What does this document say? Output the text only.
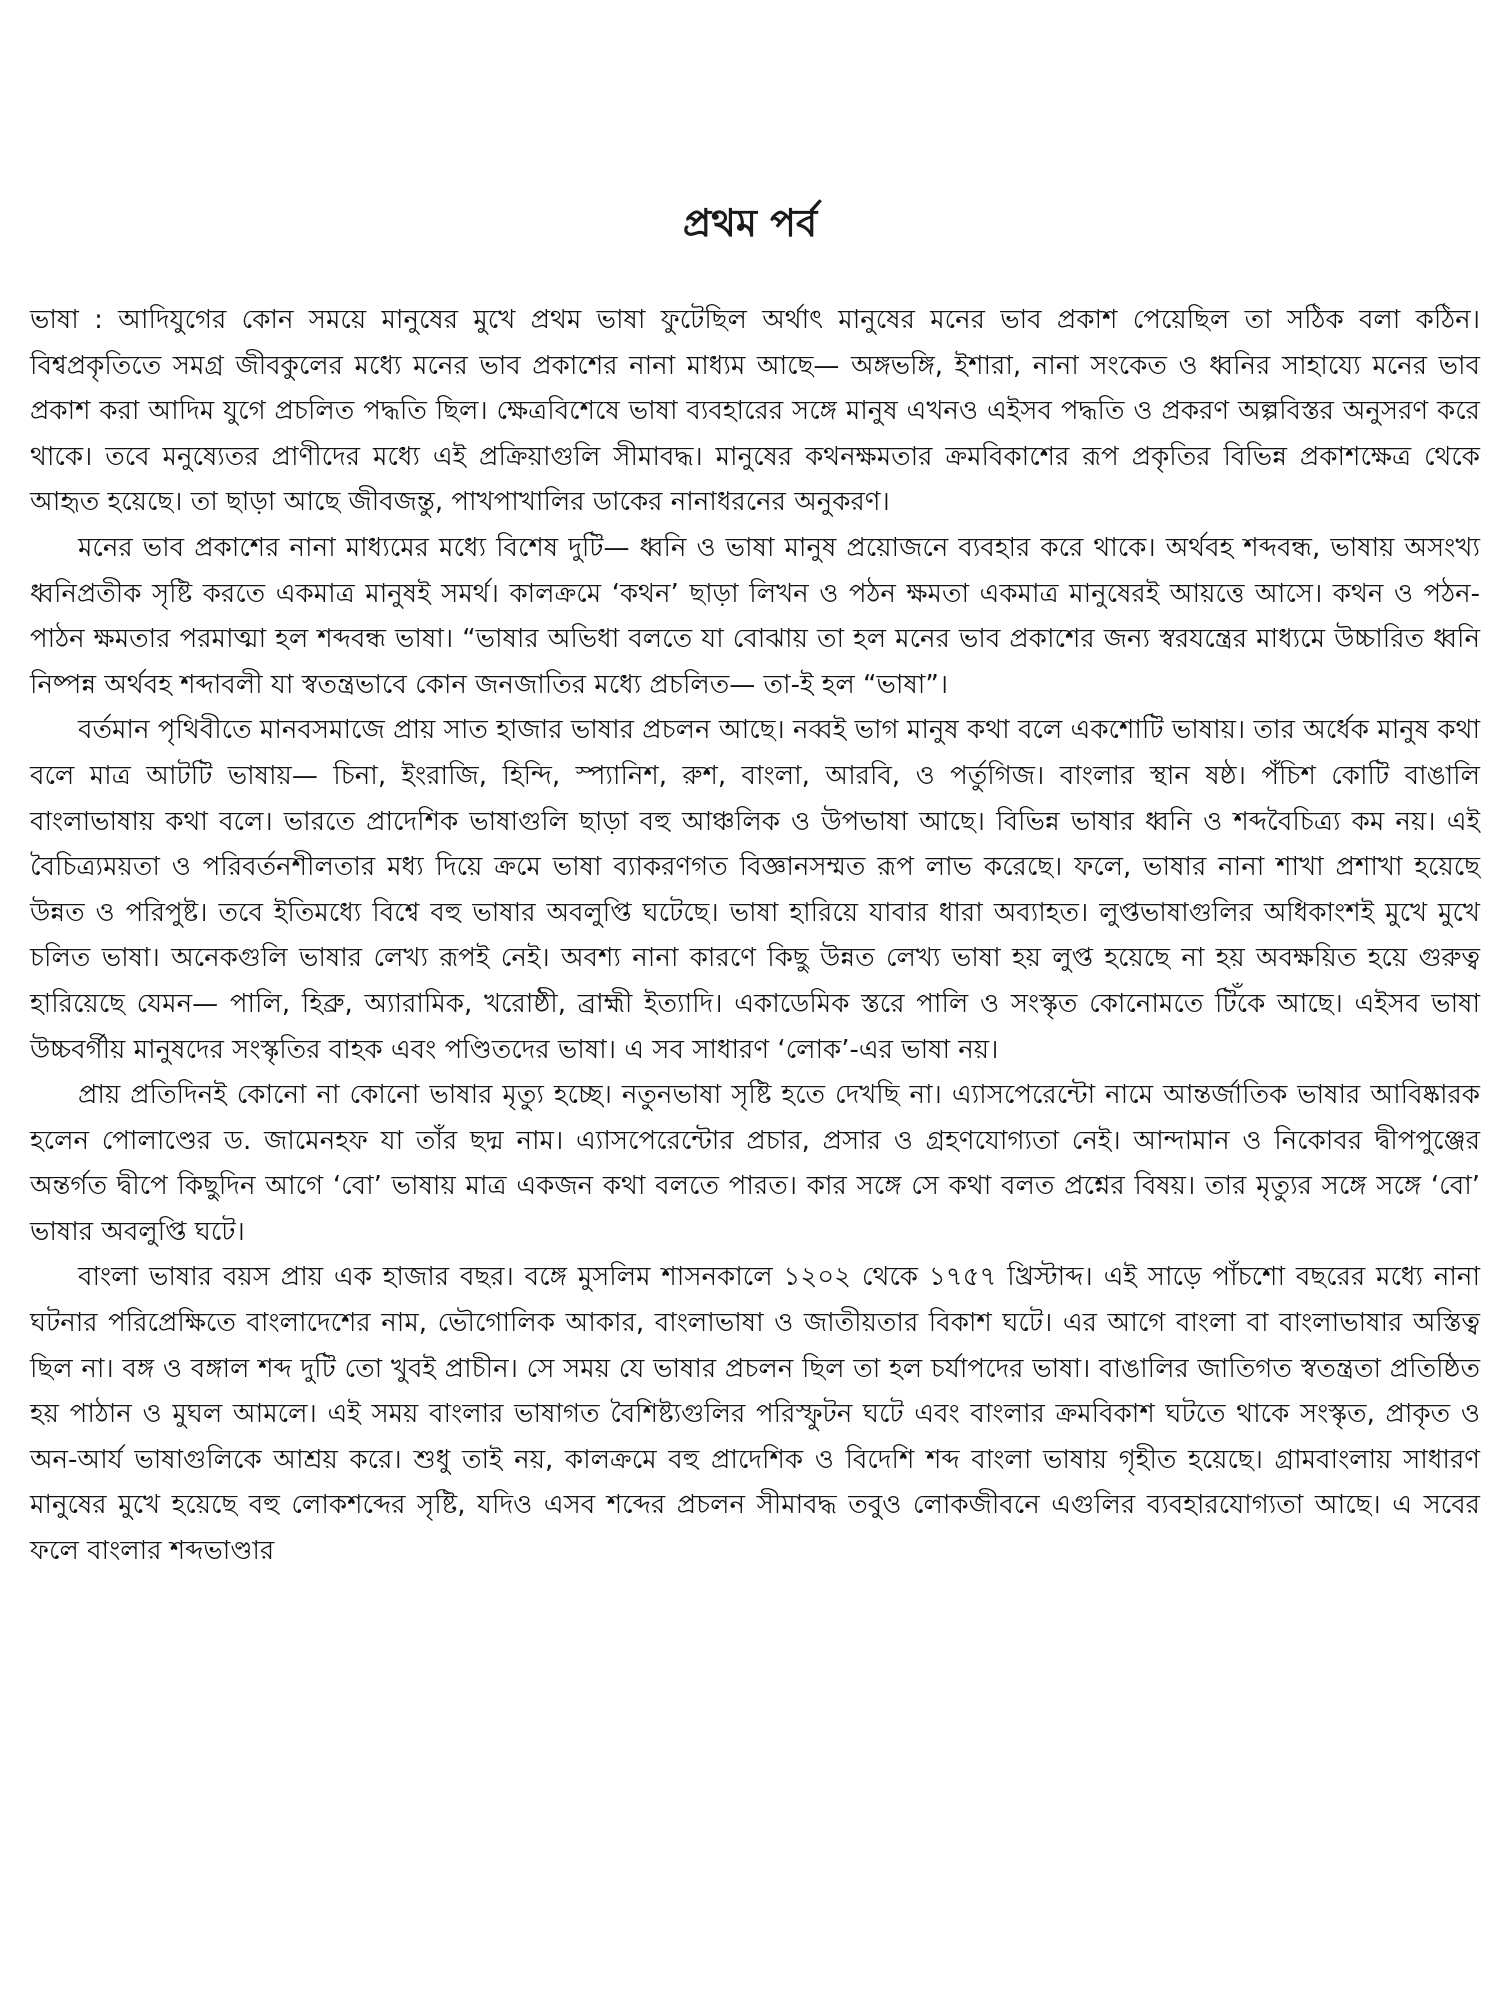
প্রথম পর্ব

ভাষা : আদিযুগের কোন সময়ে মানুষের মুখে প্রথম ভাষা ফুটেছিল অর্থাৎ মানুষের মনের ভাব প্রকাশ পেয়েছিল তা সঠিক বলা কঠিন। বিশ্বপ্রকৃতিতে সমগ্র জীবকুলের মধ্যে মনের ভাব প্রকাশের নানা মাধ্যম আছে— অঙ্গভঙ্গি, ইশারা, নানা সংকেত ও ধ্বনির সাহায্যে মনের ভাব প্রকাশ করা আদিম যুগে প্রচলিত পদ্ধতি ছিল। ক্ষেত্রবিশেষে ভাষা ব্যবহারের সঙ্গে মানুষ এখনও এইসব পদ্ধতি ও প্রকরণ অল্পবিস্তর অনুসরণ করে থাকে। তবে মনুষ্যেতর প্রাণীদের মধ্যে এই প্রক্রিয়াগুলি সীমাবদ্ধ। মানুষের কথনক্ষমতার ক্রমবিকাশের রূপ প্রকৃতির বিভিন্ন প্রকাশক্ষেত্র থেকে আহৃত হয়েছে। তা ছাড়া আছে জীবজন্তু, পাখপাখালির ডাকের নানাধরনের অনুকরণ।

মনের ভাব প্রকাশের নানা মাধ্যমের মধ্যে বিশেষ দুটি— ধ্বনি ও ভাষা মানুষ প্রয়োজনে ব্যবহার করে থাকে। অর্থবহ শব্দবন্ধ, ভাষায় অসংখ্য ধ্বনিপ্রতীক সৃষ্টি করতে একমাত্র মানুষই সমর্থ। কালক্রমে ‘কথন’ ছাড়া লিখন ও পঠন ক্ষমতা একমাত্র মানুষেরই আয়ত্তে আসে। কথন ও পঠন-পাঠন ক্ষমতার পরমাত্মা হল শব্দবন্ধ ভাষা। “ভাষার অভিধা বলতে যা বোঝায় তা হল মনের ভাব প্রকাশের জন্য স্বরযন্ত্রের মাধ্যমে উচ্চারিত ধ্বনি নিষ্পন্ন অর্থবহ শব্দাবলী যা স্বতন্ত্রভাবে কোন জনজাতির মধ্যে প্রচলিত— তা-ই হল “ভাষা”।

বর্তমান পৃথিবীতে মানবসমাজে প্রায় সাত হাজার ভাষার প্রচলন আছে। নব্বই ভাগ মানুষ কথা বলে একশোটি ভাষায়। তার অর্ধেক মানুষ কথা বলে মাত্র আটটি ভাষায়— চিনা, ইংরাজি, হিন্দি, স্প্যানিশ, রুশ, বাংলা, আরবি, ও পর্তুগিজ। বাংলার স্থান ষষ্ঠ। পঁচিশ কোটি বাঙালি বাংলাভাষায় কথা বলে। ভারতে প্রাদেশিক ভাষাগুলি ছাড়া বহু আঞ্চলিক ও উপভাষা আছে। বিভিন্ন ভাষার ধ্বনি ও শব্দবৈচিত্র্য কম নয়। এই বৈচিত্র্যময়তা ও পরিবর্তনশীলতার মধ্য দিয়ে ক্রমে ভাষা ব্যাকরণগত বিজ্ঞানসম্মত রূপ লাভ করেছে। ফলে, ভাষার নানা শাখা প্রশাখা হয়েছে উন্নত ও পরিপুষ্ট। তবে ইতিমধ্যে বিশ্বে বহু ভাষার অবলুপ্তি ঘটেছে। ভাষা হারিয়ে যাবার ধারা অব্যাহত। লুপ্তভাষাগুলির অধিকাংশই মুখে মুখে চলিত ভাষা। অনেকগুলি ভাষার লেখ্য রূপই নেই। অবশ্য নানা কারণে কিছু উন্নত লেখ্য ভাষা হয় লুপ্ত হয়েছে না হয় অবক্ষয়িত হয়ে গুরুত্ব হারিয়েছে যেমন— পালি, হিব্রু, অ্যারামিক, খরোষ্ঠী, ব্রাহ্মী ইত্যাদি। একাডেমিক স্তরে পালি ও সংস্কৃত কোনোমতে টিঁকে আছে। এইসব ভাষা উচ্চবর্গীয় মানুষদের সংস্কৃতির বাহক এবং পণ্ডিতদের ভাষা। এ সব সাধারণ ‘লোক’-এর ভাষা নয়।

প্রায় প্রতিদিনই কোনো না কোনো ভাষার মৃত্যু হচ্ছে। নতুনভাষা সৃষ্টি হতে দেখছি না। এ্যাসপেরেন্টো নামে আন্তর্জাতিক ভাষার আবিষ্কারক হলেন পোলাণ্ডের ড. জামেনহফ যা তাঁর ছদ্ম নাম। এ্যাসপেরেন্টোর প্রচার, প্রসার ও গ্রহণযোগ্যতা নেই। আন্দামান ও নিকোবর দ্বীপপুঞ্জের অন্তর্গত দ্বীপে কিছুদিন আগে ‘বো’ ভাষায় মাত্র একজন কথা বলতে পারত। কার সঙ্গে সে কথা বলত প্রশ্নের বিষয়। তার মৃত্যুর সঙ্গে সঙ্গে ‘বো’ ভাষার অবলুপ্তি ঘটে।

বাংলা ভাষার বয়স প্রায় এক হাজার বছর। বঙ্গে মুসলিম শাসনকালে ১২০২ থেকে ১৭৫৭ খ্রিস্টাব্দ। এই সাড়ে পাঁচশো বছরের মধ্যে নানা ঘটনার পরিপ্রেক্ষিতে বাংলাদেশের নাম, ভৌগোলিক আকার, বাংলাভাষা ও জাতীয়তার বিকাশ ঘটে। এর আগে বাংলা বা বাংলাভাষার অস্তিত্ব ছিল না। বঙ্গ ও বঙ্গাল শব্দ দুটি তো খুবই প্রাচীন। সে সময় যে ভাষার প্রচলন ছিল তা হল চর্যাপদের ভাষা। বাঙালির জাতিগত স্বতন্ত্রতা প্রতিষ্ঠিত হয় পাঠান ও মুঘল আমলে। এই সময় বাংলার ভাষাগত বৈশিষ্ট্যগুলির পরিস্ফুটন ঘটে এবং বাংলার ক্রমবিকাশ ঘটতে থাকে সংস্কৃত, প্রাকৃত ও অন-আর্য ভাষাগুলিকে আশ্রয় করে। শুধু তাই নয়, কালক্রমে বহু প্রাদেশিক ও বিদেশি শব্দ বাংলা ভাষায় গৃহীত হয়েছে। গ্রামবাংলায় সাধারণ মানুষের মুখে হয়েছে বহু লোকশব্দের সৃষ্টি, যদিও এসব শব্দের প্রচলন সীমাবদ্ধ তবুও লোকজীবনে এগুলির ব্যবহারযোগ্যতা আছে। এ সবের ফলে বাংলার শব্দভাণ্ডার
